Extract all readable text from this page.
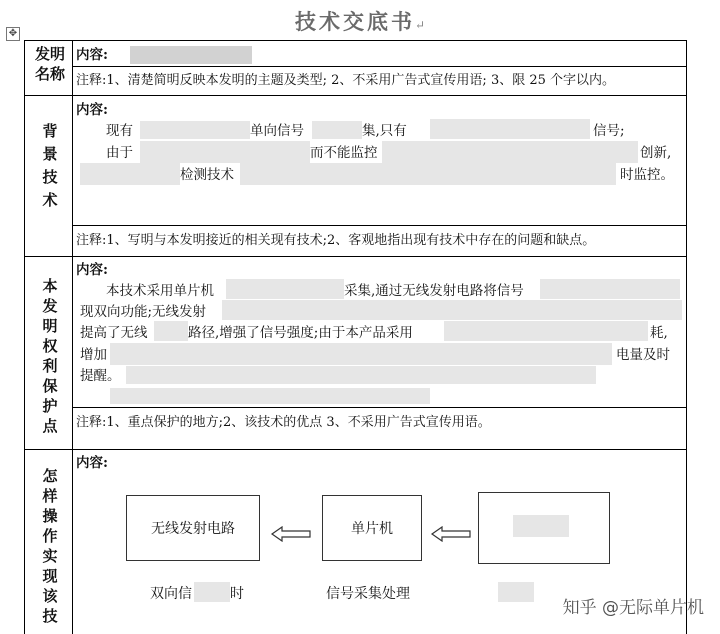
技术交底书↵
✥
发明名称
内容:
注释:1、清楚简明反映本发明的主题及类型; 2、不采用广告式宣传用语; 3、限 25 个字以内。
背景技术
内容:
现有	单向信号	集,只有	信号;
由于	而不能监控	创新,
检测技术	时监控。
注释:1、写明与本发明接近的相关现有技术;2、客观地指出现有技术中存在的问题和缺点。
本发明权利保护点
内容:
本技术采用单片机	采集,通过无线发射电路将信号
现双向功能;无线发射
提高了无线	路径,增强了信号强度;由于本产品采用	耗,
增加	电量及时
提醒。
注释:1、重点保护的地方;2、该技术的优点 3、不采用广告式宣传用语。
怎样操作实现该技
内容:
无线发射电路	单片机
双向信	时	信号采集处理
知乎 @无际单片机
